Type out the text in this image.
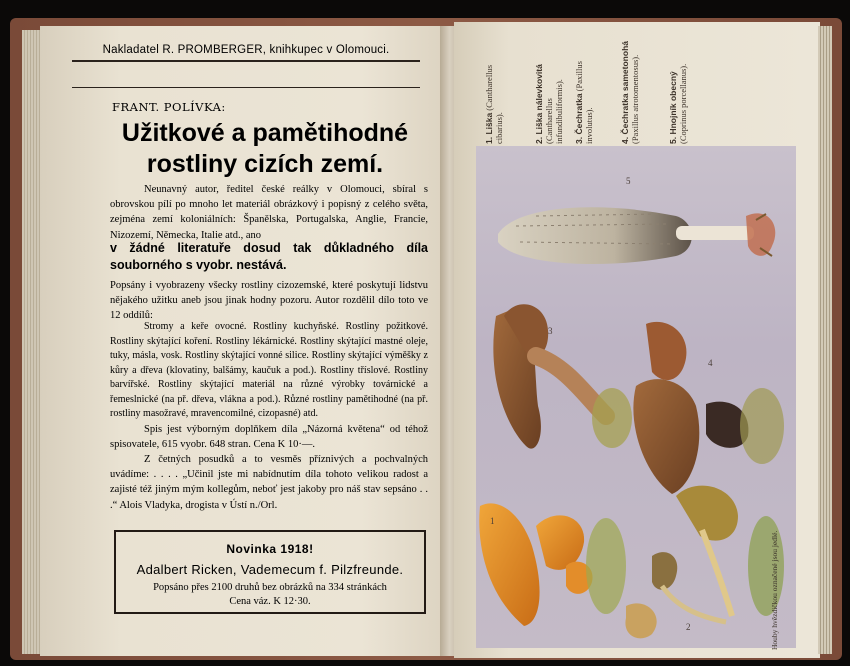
Nakladatel R. PROMBERGER, knihkupec v Olomouci.
FRANT. POLÍVKA:
Užitkové a pamětihodné
rostliny cizích zemí.
Neunavný autor, ředitel české reálky v Olomouci, sbíral s obrovskou pílí po mnoho let materiál obrázkový i popisný z celého světa, zejména zemí koloniálních: Španělska, Portugalska, Anglie, Francie, Nizozemí, Německa, Italie atd., ano
v žádné literatuře dosud tak důkladného díla souborného s vyobr. nestává.
Popsány i vyobrazeny všecky rostliny cizozemské, které poskytují lidstvu nějakého užitku aneb jsou jinak hodny pozoru. Autor rozdělil dílo toto ve 12 oddílů:
Stromy a keře ovocné. Rostliny kuchyňské. Rostliny požitkové. Rostliny skýtající koření. Rostliny lékárnické. Rostliny skýtající mastné oleje, tuky, másla, vosk. Rostliny skýtající vonné silice. Rostliny skýtající výměšky z kůry a dřeva (klovatiny, balšámy, kaučuk a pod.). Rostliny tříslové. Rostliny barvířské. Rostliny skýtající materiál na různé výrobky továrnické a řemeslnické (na př. dřeva, vlákna a pod.). Různé rostliny pamětihodné (na př. rostliny masožravé, mravencomilné, cizopasné) atd.
Spis jest výborným doplňkem díla „Názorná květena“ od téhož spisovatele, 615 vyobr. 648 stran. Cena K 10·—.
Z četných posudků a to vesměs příznivých a pochvalných uvádíme: . . . . „Učinil jste mi nabídnutím díla tohoto velikou radost a zajisté též jiným mým kollegům, neboť jest jakoby pro náš stav sepsáno . . .“ Alois Vladyka, drogista v Ústí n./Orl.
Novinka 1918!
Adalbert Ricken, Vademecum f. Pilzfreunde.
Popsáno přes 2100 druhů bez obrázků na 334 stránkách
Cena váz. K 12·30.
1. Liška (Cantharellus cibarius).	2. Liška nálevkovitá (Cantharellus infundibuliformis). 3. Čechratka (Paxillus involutus).	4. Čechratka sametonohá (Paxillus atrotomentosus).	5. Hnojník obecný (Coprinus porcellanus).
5
3
4
1
2	Houby hvězdičkou označené jsou jedlé.
